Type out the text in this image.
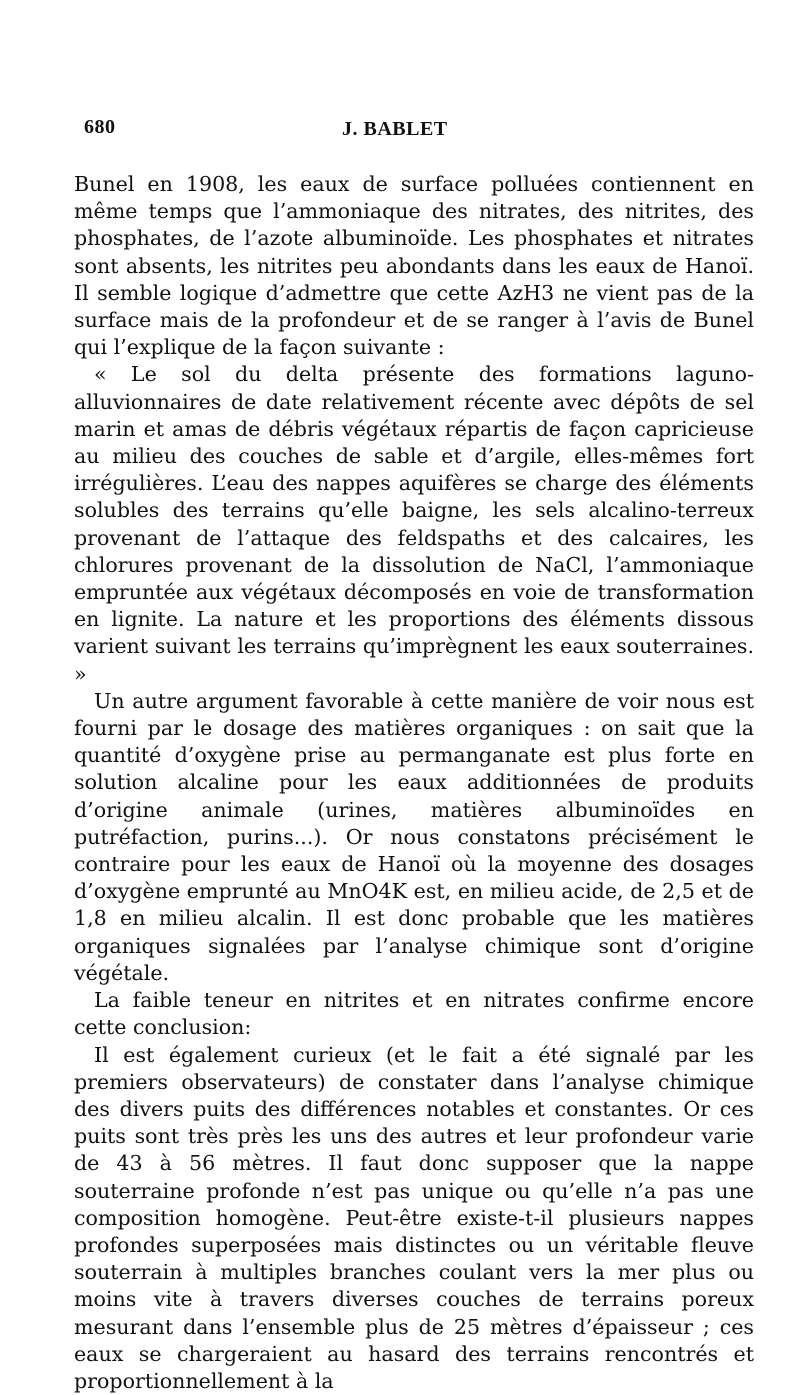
680	J. BABLET

Bunel en 1908, les eaux de surface polluées contiennent en même temps que l’ammoniaque des nitrates, des nitrites, des phosphates, de l’azote albuminoïde. Les phosphates et nitrates sont absents, les nitrites peu abondants dans les eaux de Hanoï. Il semble logique d’admettre que cette AzH3 ne vient pas de la surface mais de la profondeur et de se ranger à l’avis de Bunel qui l’explique de la façon suivante :

« Le sol du delta présente des formations laguno-alluvionnaires de date relativement récente avec dépôts de sel marin et amas de débris végétaux répartis de façon capricieuse au milieu des couches de sable et d’argile, elles-mêmes fort irrégulières. L’eau des nappes aquifères se charge des éléments solubles des terrains qu’elle baigne, les sels alcalino-terreux provenant de l’attaque des feldspaths et des calcaires, les chlorures provenant de la dissolution de NaCl, l’ammoniaque empruntée aux végétaux décomposés en voie de transformation en lignite. La nature et les proportions des éléments dissous varient suivant les terrains qu’imprègnent les eaux souterraines. »

Un autre argument favorable à cette manière de voir nous est fourni par le dosage des matières organiques : on sait que la quantité d’oxygène prise au permanganate est plus forte en solution alcaline pour les eaux additionnées de produits d’origine animale (urines, matières albuminoïdes en putréfaction, purins...). Or nous constatons précisément le contraire pour les eaux de Hanoï où la moyenne des dosages d’oxygène emprunté au MnO4K est, en milieu acide, de 2,5 et de 1,8 en milieu alcalin. Il est donc probable que les matières organiques signalées par l’analyse chimique sont d’origine végétale.

La faible teneur en nitrites et en nitrates confirme encore cette conclusion:

Il est également curieux (et le fait a été signalé par les premiers observateurs) de constater dans l’analyse chimique des divers puits des différences notables et constantes. Or ces puits sont très près les uns des autres et leur profondeur varie de 43 à 56 mètres. Il faut donc supposer que la nappe souterraine profonde n’est pas unique ou qu’elle n’a pas une composition homogène. Peut-être existe-t-il plusieurs nappes profondes superposées mais distinctes ou un véritable fleuve souterrain à multiples branches coulant vers la mer plus ou moins vite à travers diverses couches de terrains poreux mesurant dans l’ensemble plus de 25 mètres d’épaisseur ; ces eaux se chargeraient au hasard des terrains rencontrés et proportionnellement à la
